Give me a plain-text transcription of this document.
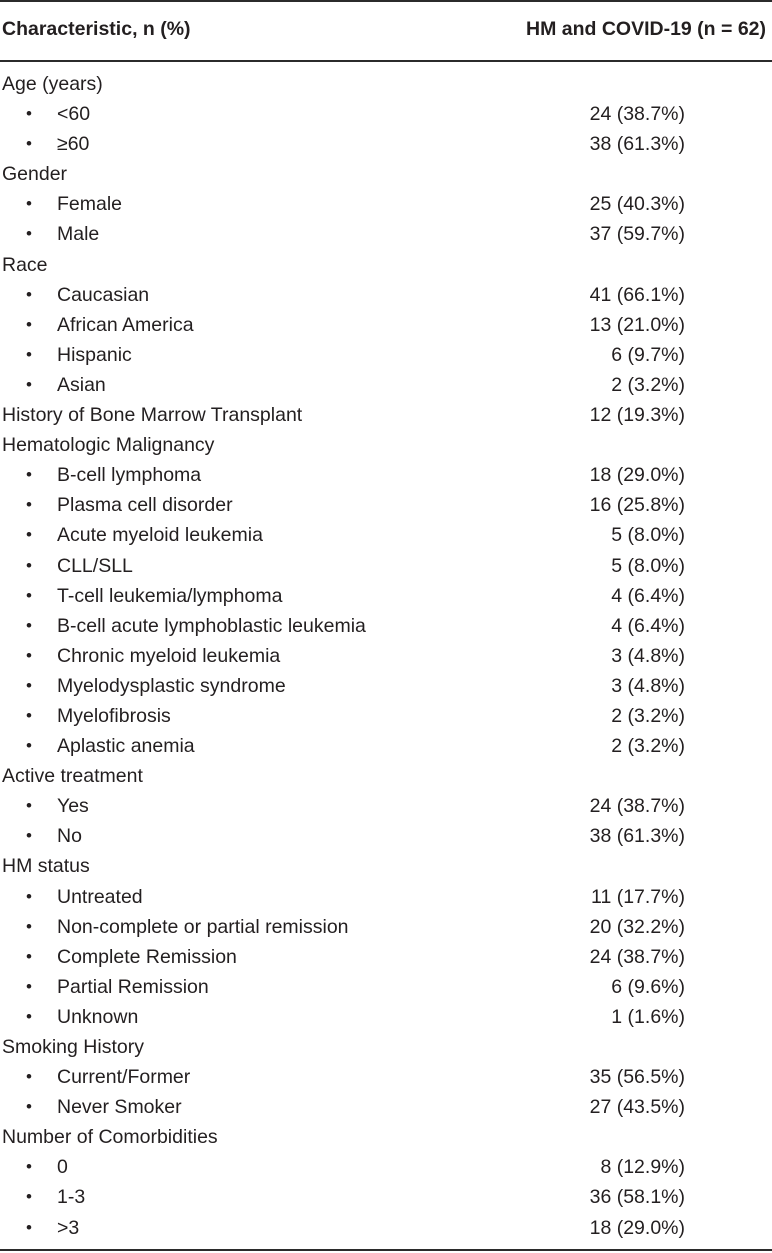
Characteristic, n (%)	HM and COVID-19 (n = 62)
Age (years)
• <60	24 (38.7%)
• ≥60	38 (61.3%)
Gender
• Female	25 (40.3%)
• Male	37 (59.7%)
Race
• Caucasian	41 (66.1%)
• African America	13 (21.0%)
• Hispanic	6 (9.7%)
• Asian	2 (3.2%)
History of Bone Marrow Transplant	12 (19.3%)
Hematologic Malignancy
• B-cell lymphoma	18 (29.0%)
• Plasma cell disorder	16 (25.8%)
• Acute myeloid leukemia	5 (8.0%)
• CLL/SLL	5 (8.0%)
• T-cell leukemia/lymphoma	4 (6.4%)
• B-cell acute lymphoblastic leukemia	4 (6.4%)
• Chronic myeloid leukemia	3 (4.8%)
• Myelodysplastic syndrome	3 (4.8%)
• Myelofibrosis	2 (3.2%)
• Aplastic anemia	2 (3.2%)
Active treatment
• Yes	24 (38.7%)
• No	38 (61.3%)
HM status
• Untreated	11 (17.7%)
• Non-complete or partial remission	20 (32.2%)
• Complete Remission	24 (38.7%)
• Partial Remission	6 (9.6%)
• Unknown	1 (1.6%)
Smoking History
• Current/Former	35 (56.5%)
• Never Smoker	27 (43.5%)
Number of Comorbidities
• 0	8 (12.9%)
• 1-3	36 (58.1%)
• >3	18 (29.0%)
